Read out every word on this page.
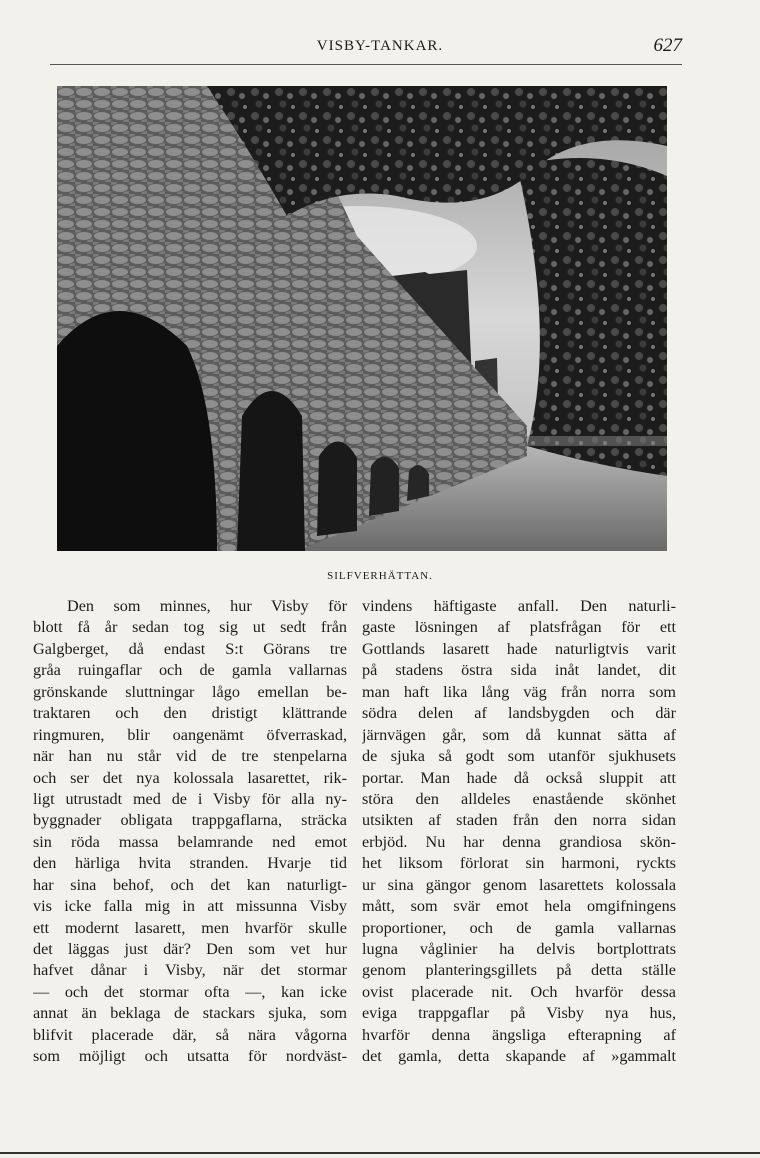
VISBY-TANKAR.	627
SILFVERHÄTTAN.
Den som minnes, hur Visby för
blott få år sedan tog sig ut sedt från
Galgberget, då endast S:t Görans tre
gråa ruingaflar och de gamla vallarnas
grönskande sluttningar lågo emellan be-
traktaren och den dristigt klättrande
ringmuren, blir oangenämt öfverraskad,
när han nu står vid de tre stenpelarna
och ser det nya kolossala lasarettet, rik-
ligt utrustadt med de i Visby för alla ny-
byggnader obligata trappgaflarna, sträcka
sin röda massa belamrande ned emot
den härliga hvita stranden. Hvarje tid
har sina behof, och det kan naturligt-
vis icke falla mig in att missunna Visby
ett modernt lasarett, men hvarför skulle
det läggas just där? Den som vet hur
hafvet dånar i Visby, när det stormar
— och det stormar ofta —, kan icke
annat än beklaga de stackars sjuka, som
blifvit placerade där, så nära vågorna
som möjligt och utsatta för nordväst-
vindens häftigaste anfall. Den naturli-
gaste lösningen af platsfrågan för ett
Gottlands lasarett hade naturligtvis varit
på stadens östra sida inåt landet, dit
man haft lika lång väg från norra som
södra delen af landsbygden och där
järnvägen går, som då kunnat sätta af
de sjuka så godt som utanför sjukhusets
portar. Man hade då också sluppit att
störa den alldeles enastående skönhet
utsikten af staden från den norra sidan
erbjöd. Nu har denna grandiosa skön-
het liksom förlorat sin harmoni, ryckts
ur sina gängor genom lasarettets kolossala
mått, som svär emot hela omgifningens
proportioner, och de gamla vallarnas
lugna våglinier ha delvis bortplottrats
genom planteringsgillets på detta ställe
ovist placerade nit. Och hvarför dessa
eviga trappgaflar på Visby nya hus,
hvarför denna ängsliga efterapning af
det gamla, detta skapande af »gammalt
